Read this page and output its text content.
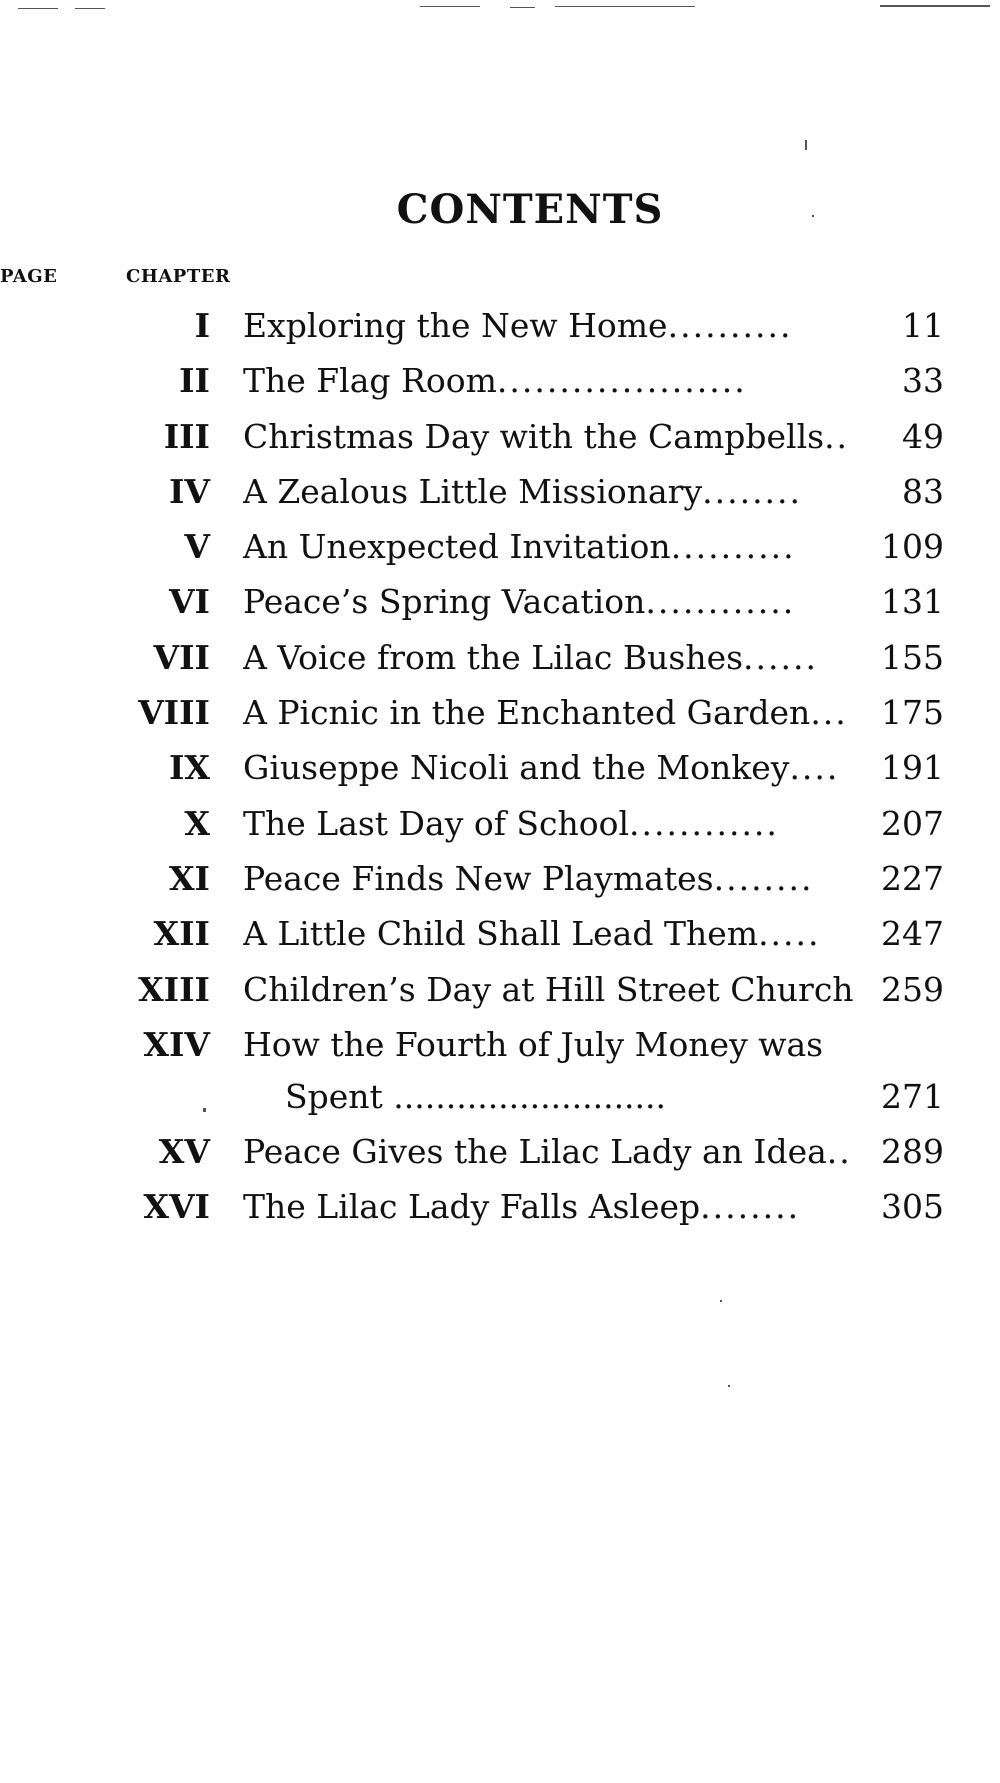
CONTENTS
CHAPTER
PAGE
I Exploring the New Home..........	11
II The Flag Room....................	33
III Christmas Day with the Campbells.. 49
IV A Zealous Little Missionary........	83
V An Unexpected Invitation..........	109
VI Peace’s Spring Vacation............	131
VII A Voice from the Lilac Bushes......	155
VIII A Picnic in the Enchanted Garden...	175
IX Giuseppe Nicoli and the Monkey....	191
X The Last Day of School............	207
XI Peace Finds New Playmates........	227
XII A Little Child Shall Lead Them.....	247
XIII Children’s Day at Hill Street Church 259
XIV How the Fourth of July Money was
Spent ..........................	271
XV Peace Gives the Lilac Lady an Idea.. 289
XVI The Lilac Lady Falls Asleep........	305
